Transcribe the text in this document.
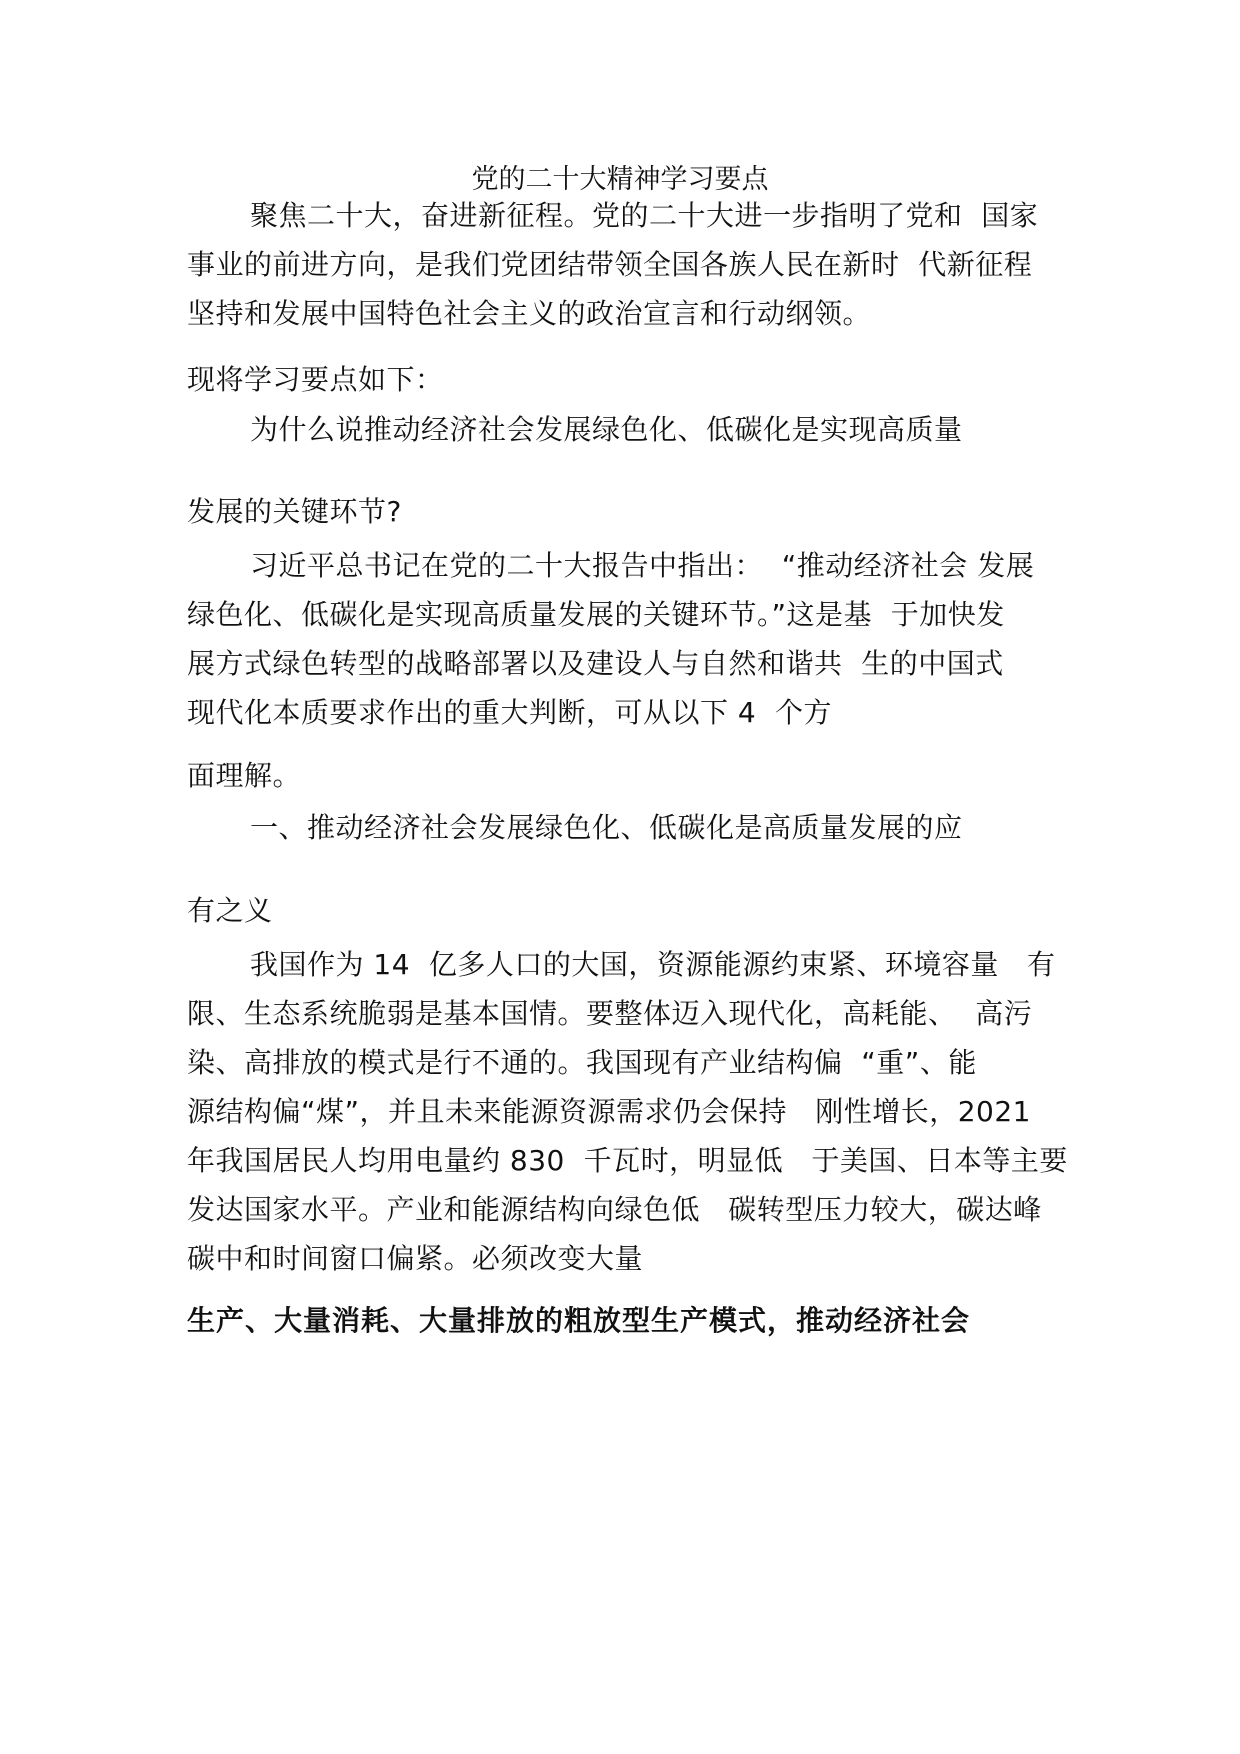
党的二十大精神学习要点
聚焦二十大，奋进新征程。党的二十大进一步指明了党和  国家
事业的前进方向，是我们党团结带领全国各族人民在新时  代新征程
坚持和发展中国特色社会主义的政治宣言和行动纲领。
现将学习要点如下：
为什么说推动经济社会发展绿色化、低碳化是实现高质量
发展的关键环节?
习近平总书记在党的二十大报告中指出：  “推动经济社会 发展
绿色化、低碳化是实现高质量发展的关键环节。”这是基  于加快发
展方式绿色转型的战略部署以及建设人与自然和谐共  生的中国式
现代化本质要求作出的重大判断，可从以下 4  个方
面理解。
一、推动经济社会发展绿色化、低碳化是高质量发展的应
有之义
我国作为 14  亿多人口的大国，资源能源约束紧、环境容量   有
限、生态系统脆弱是基本国情。要整体迈入现代化，高耗能、  高污
染、高排放的模式是行不通的。我国现有产业结构偏  “重”、能
源结构偏“煤”，并且未来能源资源需求仍会保持   刚性增长，2021
年我国居民人均用电量约 830  千瓦时，明显低   于美国、日本等主要
发达国家水平。产业和能源结构向绿色低   碳转型压力较大，碳达峰
碳中和时间窗口偏紧。必须改变大量
生产、大量消耗、大量排放的粗放型生产模式，推动经济社会
